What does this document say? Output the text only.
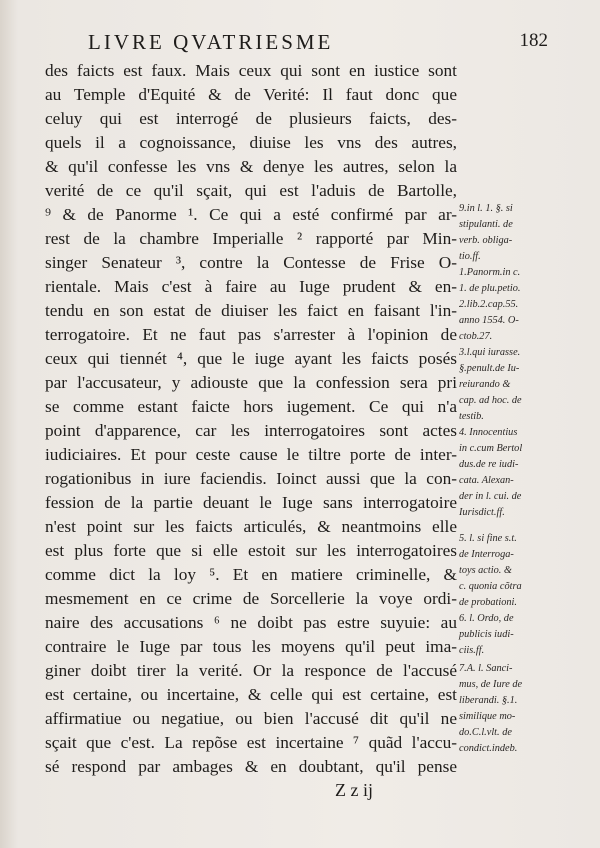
LIVRE QVATRIESME	182
des faicts est faux. Mais ceux qui sont en iustice sont
au Temple d'Equité & de Verité: Il faut donc que
celuy qui est interrogé de plusieurs faicts, des-
quels il a cognoissance, diuise les vns des autres,
& qu'il confesse les vns & denye les autres, selon la
verité de ce qu'il sçait, qui est l'aduis de Bartolle,
⁹ & de Panorme ¹. Ce qui a esté confirmé par ar-
rest de la chambre Imperialle ² rapporté par Min-
singer Senateur ³, contre la Contesse de Frise O-
rientale. Mais c'est à faire au Iuge prudent & en-
tendu en son estat de diuiser les faict en faisant l'in-
terrogatoire. Et ne faut pas s'arrester à l'opinion de
ceux qui tiennét ⁴, que le iuge ayant les faicts posés
par l'accusateur, y adiouste que la confession sera pri
se comme estant faicte hors iugement. Ce qui n'a
point d'apparence, car les interrogatoires sont actes
iudiciaires. Et pour ceste cause le tiltre porte de inter-
rogationibus in iure faciendis. Ioinct aussi que la con-
fession de la partie deuant le Iuge sans interrogatoire
n'est point sur les faicts articulés, & neantmoins elle
est plus forte que si elle estoit sur les interrogatoires
comme dict la loy ⁵. Et en matiere criminelle, &
mesmement en ce crime de Sorcellerie la voye ordi-
naire des accusations ⁶ ne doibt pas estre suyuie: au
contraire le Iuge par tous les moyens qu'il peut ima-
giner doibt tirer la verité. Or la responce de l'accusé
est certaine, ou incertaine, & celle qui est certaine, est
affirmatiue ou negatiue, ou bien l'accusé dit qu'il ne
sçait que c'est. La repõse est incertaine ⁷ quãd l'accu-
sé respond par ambages & en doubtant, qu'il pense
9.in l. 1. §. si
stipulanti. de
verb. obliga-
tio.ff.
1.Panorm.in c.
1. de plu.petio.
2.lib.2.cap.55.
anno 1554. O-
ctob.27.
3.l.qui iurasse.
§.penult.de Iu-
reiurando &
cap. ad hoc. de
testib.
4. Innocentius
in c.cum Bertol
dus.de re iudi-
cata. Alexan-
der in l. cui. de
Iurisdict.ff.
5. l. si fine s.t.
de Interroga-
toys actio. &
c. quonia cõtra
de probationi.
6. l. Ordo, de
publicis iudi-
ciis.ff.
7.A. l. Sanci-
mus, de Iure de
liberandi. §.1.
similique mo-
do.C.l.vlt. de
condict.indeb.
Z z ij
